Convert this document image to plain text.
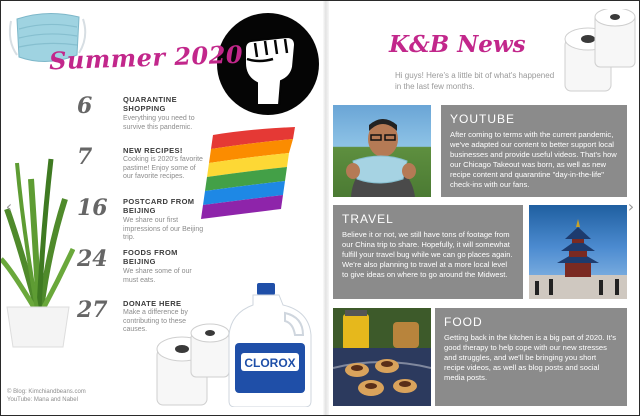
Summer 2020
6	QUARANTINE SHOPPING
Everything you need to survive this pandemic.
7	NEW RECIPES!
Cooking is 2020's favorite pastime! Enjoy some of our favorite recipes.
16	POSTCARD FROM BEIJING
We share our first impressions of our Beijing trip.
24	FOODS FROM BEIJING
We share some of our must eats.
27	DONATE HERE
Make a difference by contributing to these causes.
CLOROX
© Blog: Kimchiandbeans.com
YouTube: Mana and Nabel
K&B News
Hi guys! Here's a little bit of what's happened in the last few months.
YOUTUBE
After coming to terms with the current pandemic, we've adapted our content to better support local businesses and provide useful videos. That's how our Chicago Takeout was born, as well as new recipe content and quarantine "day-in-the-life" check-ins with our fans.
TRAVEL
Believe it or not, we still have tons of footage from our China trip to share. Hopefully, it will somewhat fulfill your travel bug while we can go places again. We're also planning to travel at a more local level to give ideas on where to go around the Midwest.
FOOD
Getting back in the kitchen is a big part of 2020. It's good therapy to help cope with our new stresses and struggles, and we'll be bringing you short recipe videos, as well as blog posts and social media posts.
‹	›
